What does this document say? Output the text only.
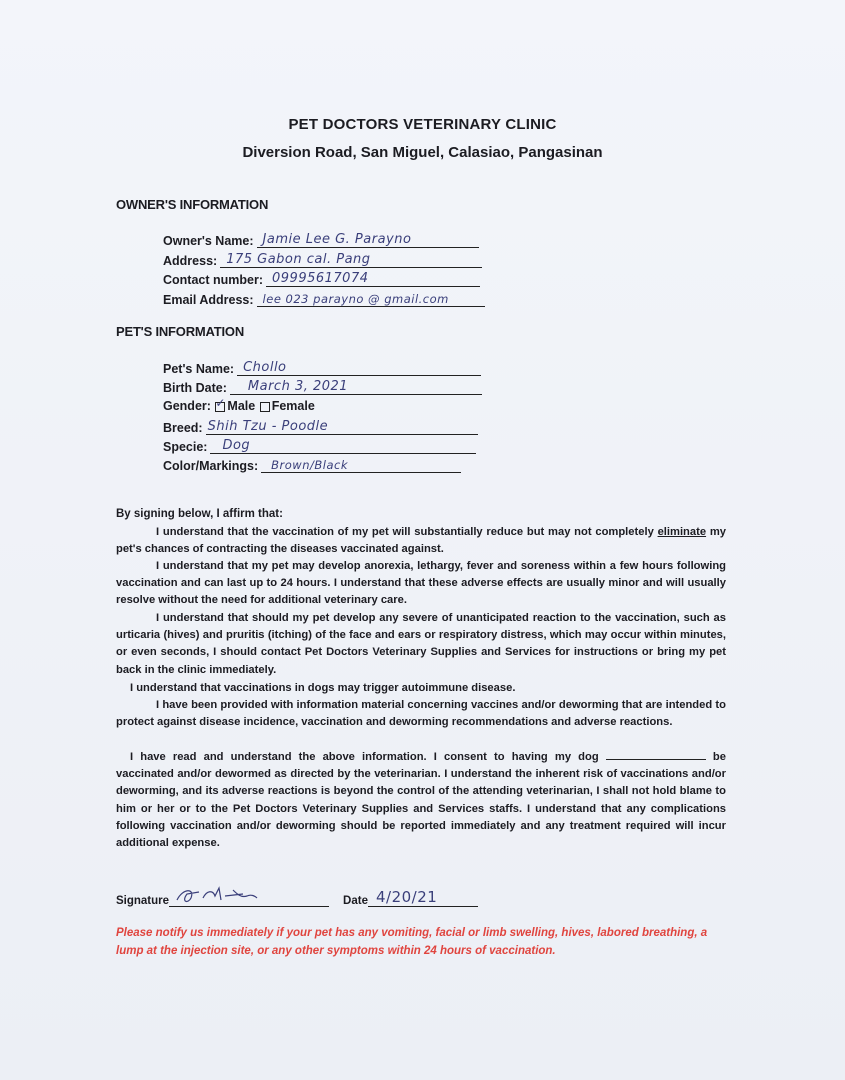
PET DOCTORS VETERINARY CLINIC
Diversion Road, San Miguel, Calasiao, Pangasinan
OWNER'S INFORMATION
Owner's Name: Jamie Lee G. Parayno
Address: 175 Gabon cal. Pang
Contact number: 09995617074
Email Address: lee 023 parayno @ gmail.com
PET'S INFORMATION
Pet's Name: Chollo
Birth Date: March 3, 2021
Gender: ✓ Male Female
Breed: Shih Tzu - Poodle
Specie: Dog
Color/Markings: Brown/Black
By signing below, I affirm that:
I understand that the vaccination of my pet will substantially reduce but may not completely eliminate my pet's chances of contracting the diseases vaccinated against.
I understand that my pet may develop anorexia, lethargy, fever and soreness within a few hours following vaccination and can last up to 24 hours. I understand that these adverse effects are usually minor and will usually resolve without the need for additional veterinary care.
I understand that should my pet develop any severe of unanticipated reaction to the vaccination, such as urticaria (hives) and pruritis (itching) of the face and ears or respiratory distress, which may occur within minutes, or even seconds, I should contact Pet Doctors Veterinary Supplies and Services for instructions or bring my pet back in the clinic immediately.
I understand that vaccinations in dogs may trigger autoimmune disease.
I have been provided with information material concerning vaccines and/or deworming that are intended to protect against disease incidence, vaccination and deworming recommendations and adverse reactions.
I have read and understand the above information. I consent to having my dog	be vaccinated and/or dewormed as directed by the veterinarian. I understand the inherent risk of vaccinations and/or deworming, and its adverse reactions is beyond the control of the attending veterinarian, I shall not hold blame to him or her or to the Pet Doctors Veterinary Supplies and Services staffs. I understand that any complications following vaccination and/or deworming should be reported immediately and any treatment required will incur additional expense.
Signature	Date 4/20/21
Please notify us immediately if your pet has any vomiting, facial or limb swelling, hives, labored breathing, a lump at the injection site, or any other symptoms within 24 hours of vaccination.
